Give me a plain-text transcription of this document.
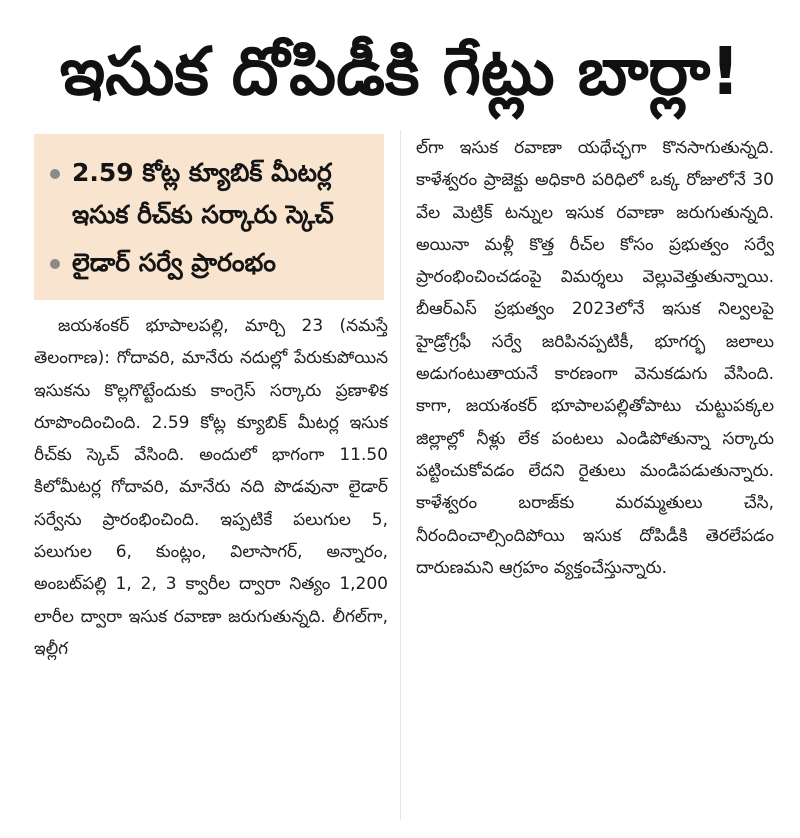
ఇసుక దోపిడీకి గేట్లు బార్లా!
2.59 కోట్ల క్యూబిక్ మీటర్ల ఇసుక రీచ్‌కు సర్కారు స్కెచ్
లైడార్ సర్వే ప్రారంభం

జయశంకర్ భూపాలపల్లి, మార్చి 23 (నమస్తే తెలంగాణ): గోదావరి, మానేరు నదుల్లో పేరుకుపోయిన ఇసుకను కొల్లగొట్టేందుకు కాంగ్రెస్ సర్కారు ప్రణాళిక రూపొందించింది. 2.59 కోట్ల క్యూబిక్ మీటర్ల ఇసుక రీచ్‌కు స్కెచ్ వేసింది. అందులో భాగంగా 11.50 కిలోమీటర్ల గోదావరి, మానేరు నది పొడవునా లైడార్ సర్వేను ప్రారంభించింది. ఇప్పటికే పలుగుల 5, పలుగుల 6, కుంట్లం, విలాసాగర్, అన్నారం, అంబట్‌పల్లి 1, 2, 3 క్వారీల ద్వారా నిత్యం 1,200 లారీల ద్వారా ఇసుక రవాణా జరుగుతున్నది. లీగల్‌గా, ఇల్లీగ

ల్‌గా ఇసుక రవాణా యథేచ్ఛగా కొనసాగుతున్నది. కాళేశ్వరం ప్రాజెక్టు అధికారి పరిధిలో ఒక్క రోజులోనే 30 వేల మెట్రిక్ టన్నుల ఇసుక రవాణా జరుగుతున్నది. అయినా మళ్లీ కొత్త రీచ్‌ల కోసం ప్రభుత్వం సర్వే ప్రారంభించించడంపై విమర్శలు వెల్లువెత్తుతున్నాయి. బీఆర్‌ఎస్ ప్రభుత్వం 2023లోనే ఇసుక నిల్వలపై హైడ్రోగ్రఫీ సర్వే జరిపినప్పటికీ, భూగర్భ జలాలు అడుగంటుతాయనే కారణంగా వెనుకడుగు వేసింది. కాగా, జయశంకర్ భూపాలపల్లితోపాటు చుట్టుపక్కల జిల్లాల్లో నీళ్లు లేక పంటలు ఎండిపోతున్నా సర్కారు పట్టించుకోవడం లేదని రైతులు మండిపడుతున్నారు. కాళేశ్వరం బరాజ్‌కు మరమ్మతులు చేసి, నీరందించాల్సిందిపోయి ఇసుక దోపిడీకి తెరలేపడం దారుణమని ఆగ్రహం వ్యక్తంచేస్తున్నారు.
